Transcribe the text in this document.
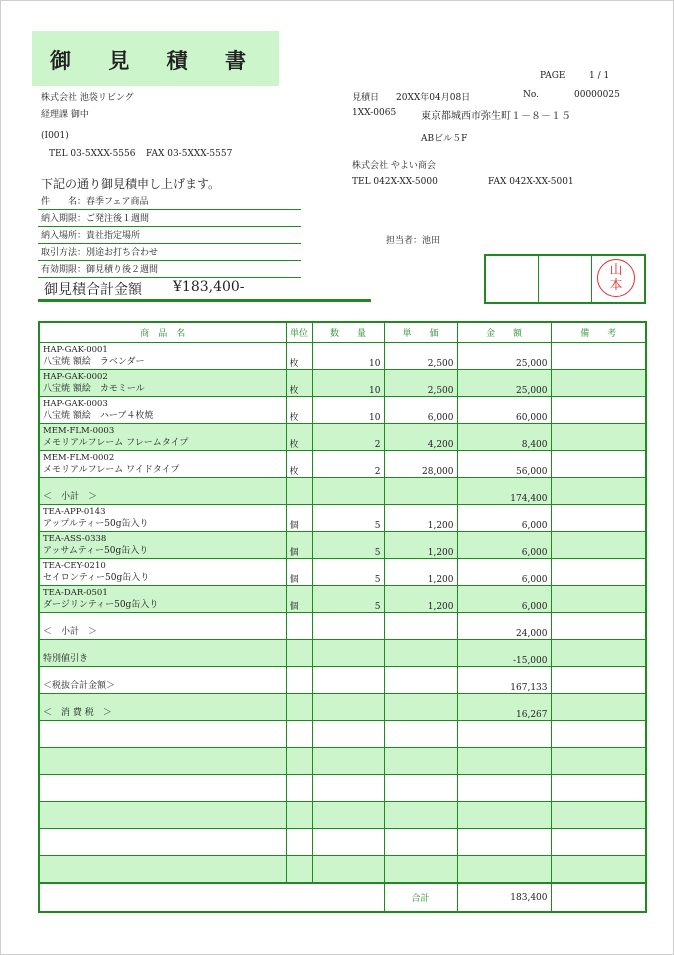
御 見 積 書
PAGE	1 / 1
株式会社 池袋リビング
経理課 御中
(I001)
TEL 03-5XXX-5556 FAX 03-5XXX-5557
見積日 20XX年04月08日	No.	00000025
1XX-0065 東京都城西市弥生町１－８－１５
ABビル５F
株式会社 やよい商会
TEL 042X-XX-5000	FAX 042X-XX-5001
担当者：池田
下記の通り御見積申し上げます。
件　　名：春季フェア商品
納入期限：ご発注後１週間
納入場所：貴社指定場所
取引方法：別途お打ち合わせ
有効期限：御見積り後２週間
御見積合計金額 ¥183,400-
山
本
商　品　名	単位	数　　量	単　　価	金　　額	備　　考

HAP-GAK-0001
八宝焼 額絵　ラベンダー	枚	10	2,500	25,000	

HAP-GAK-0002
八宝焼 額絵　カモミール	枚	10	2,500	25,000	

HAP-GAK-0003
八宝焼 額絵　ハーブ４枚焼	枚	10	6,000	60,000	

MEM-FLM-0003
メモリアルフレーム フレームタイプ	枚	2	4,200	8,400	

MEM-FLM-0002
メモリアルフレーム ワイドタイプ	枚	2	28,000	56,000	

＜　小計　＞				174,400	

TEA-APP-0143
アップルティー50g缶入り	個	5	1,200	6,000	

TEA-ASS-0338
アッサムティー50g缶入り	個	5	1,200	6,000	

TEA-CEY-0210
セイロンティー50g缶入り	個	5	1,200	6,000	

TEA-DAR-0501
ダージリンティー50g缶入り	個	5	1,200	6,000	

＜　小計　＞				24,000	

特別値引き				-15,000	

＜税抜合計金額＞				167,133	

＜　消 費 税　＞				16,267	

			合計	183,400	
